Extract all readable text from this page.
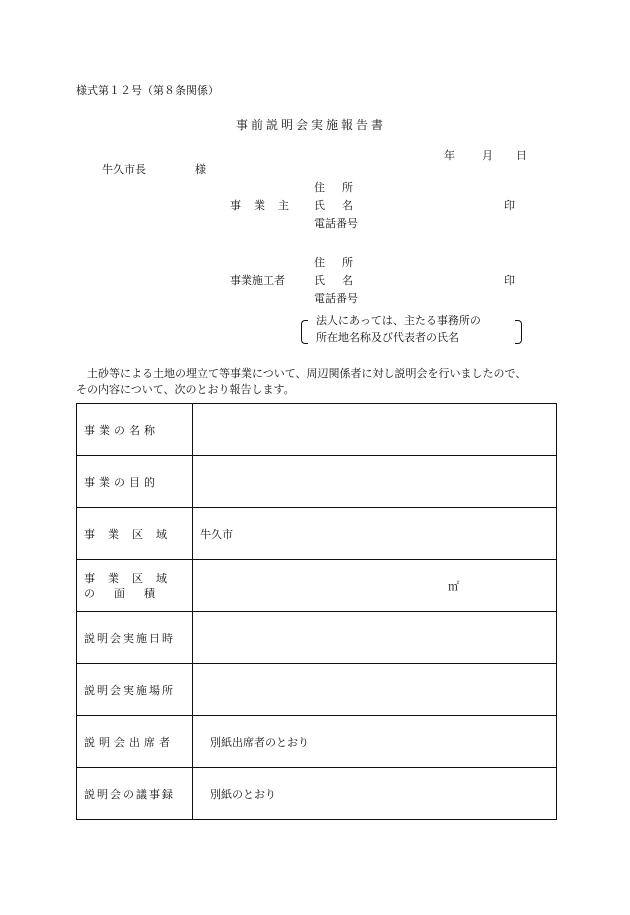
様式第１２号（第８条関係）
事前説明会実施報告書
年 月 日
牛久市長	様
住所
事業主 氏名	印
電話番号
住所
事業施工者	氏名	印
電話番号
法人にあっては、主たる事務所の
所在地名称及び代表者の氏名
土砂等による土地の埋立て等事業について、周辺関係者に対し説明会を行いましたので、
その内容について、次のとおり報告します。
事業の名称	
事業の目的	
事業区域	牛久市

事業区域
の面積	㎡

説明会実施日時	
説明会実施場所	
説明会出席者	別紙出席者のとおり
説明会の議事録	別紙のとおり
